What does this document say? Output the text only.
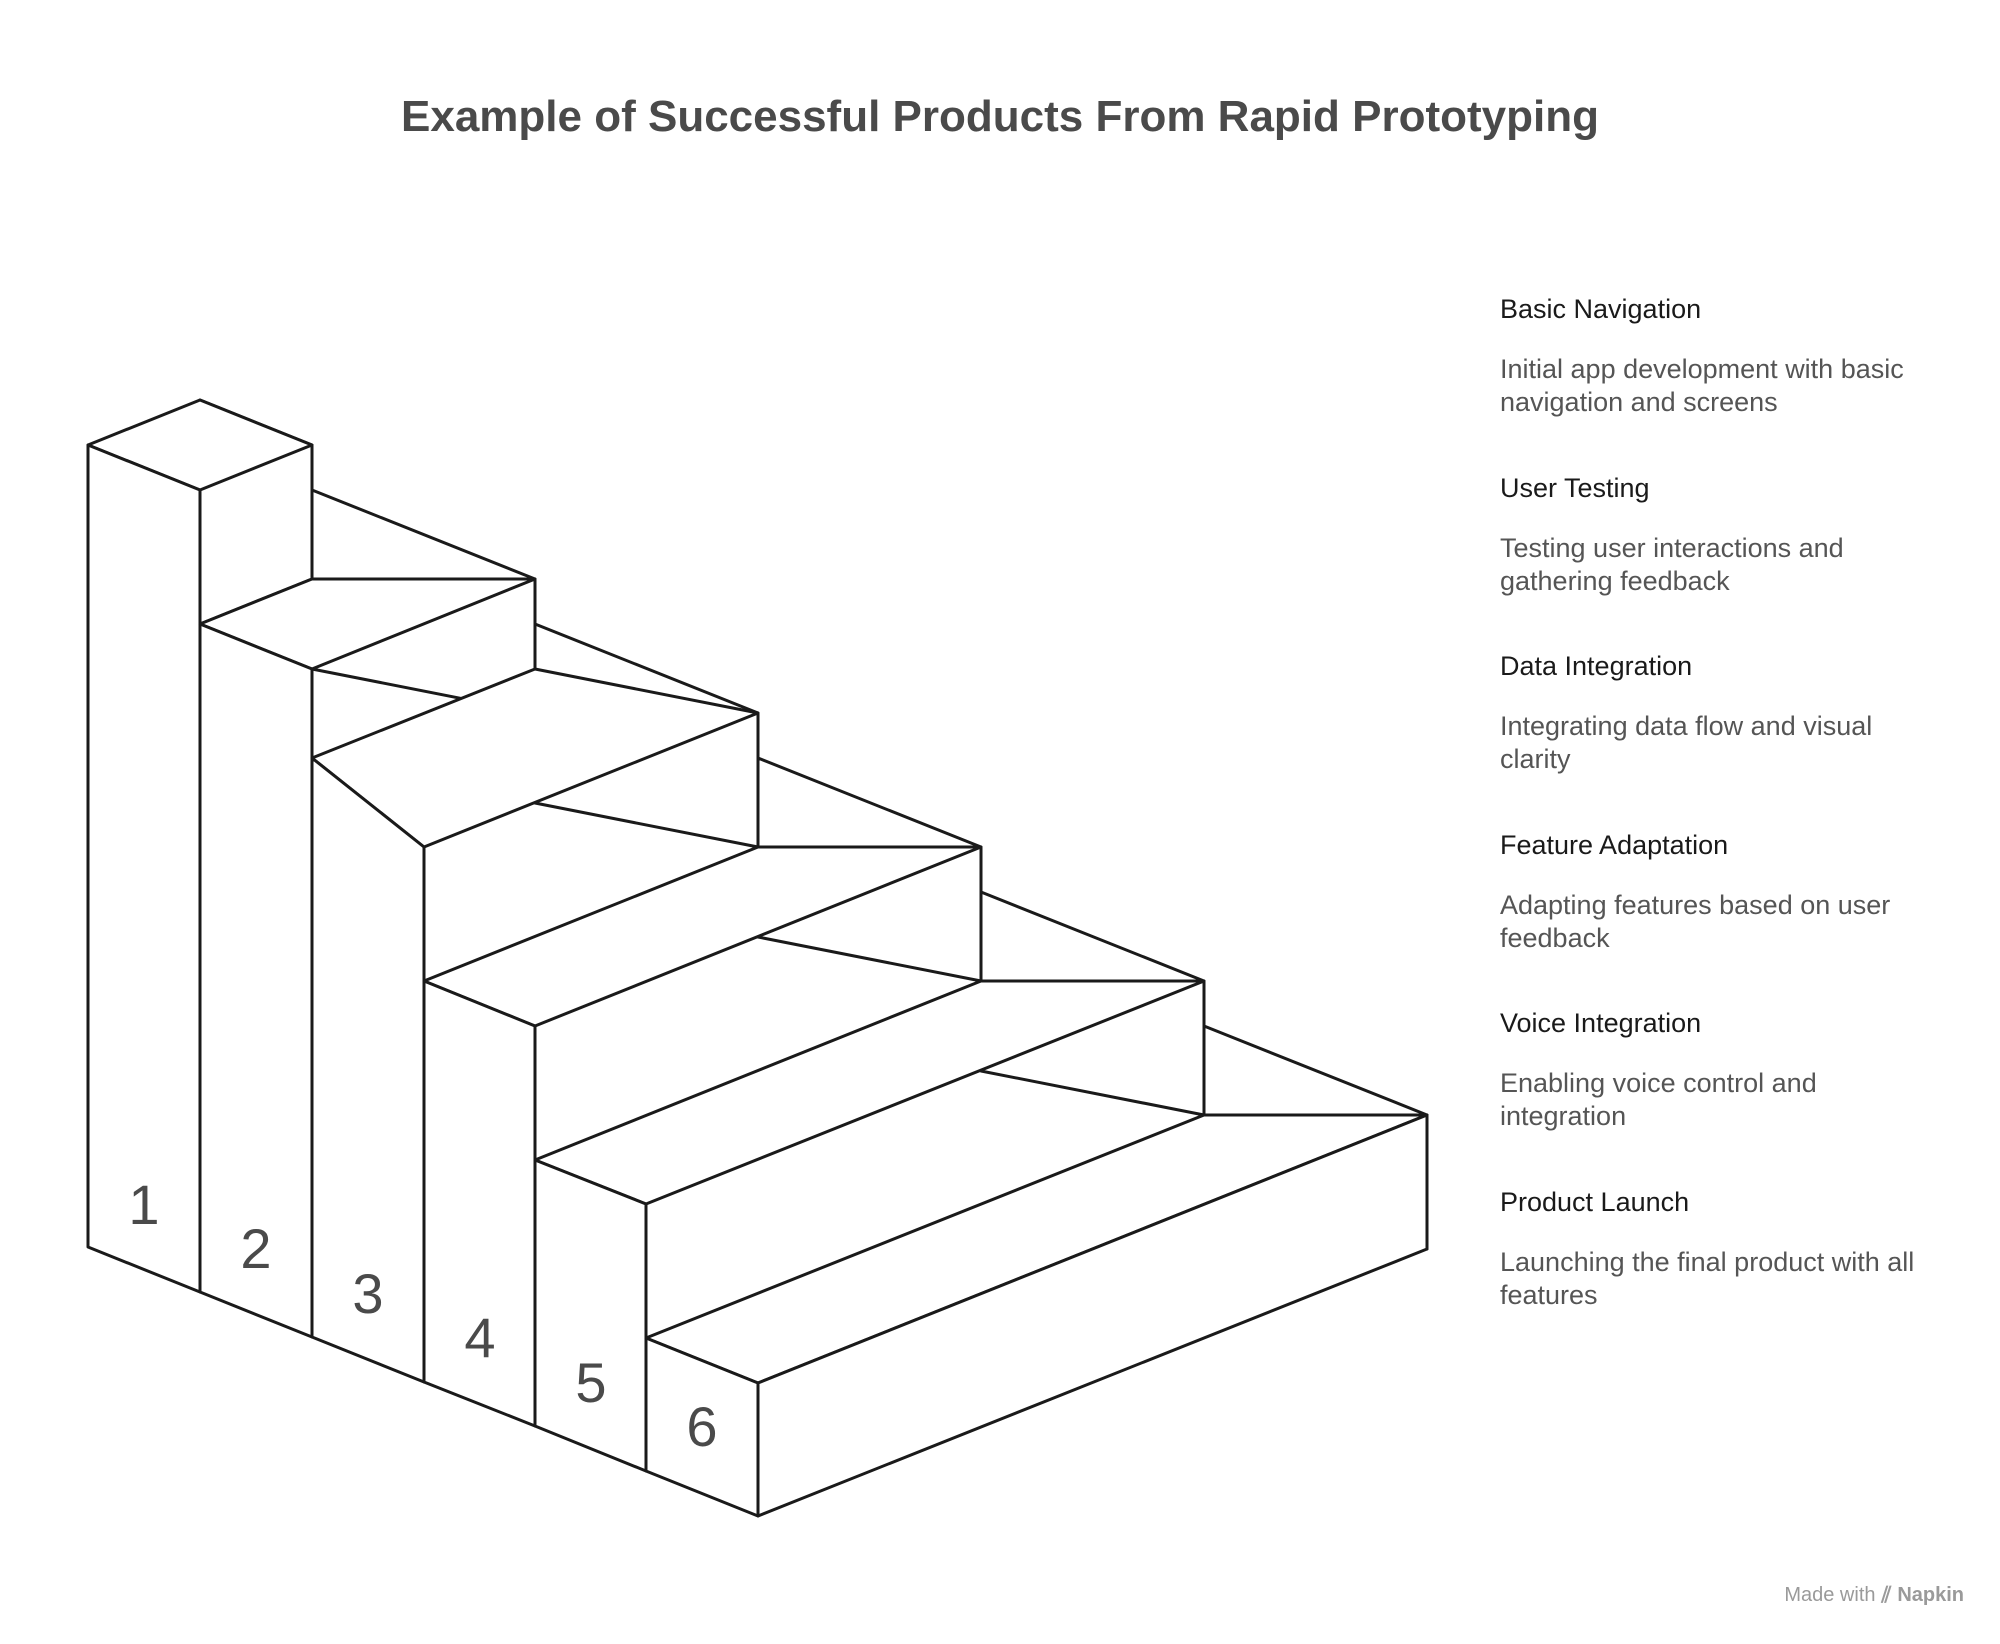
Example of Successful Products From Rapid Prototyping
1
2
3
4
5
6
Basic Navigation
Initial app development with basic navigation and screens
User Testing
Testing user interactions and gathering feedback
Data Integration
Integrating data flow and visual clarity
Feature Adaptation
Adapting features based on user feedback
Voice Integration
Enabling voice control and integration
Product Launch
Launching the final product with all features
Made with ⫽ Napkin
